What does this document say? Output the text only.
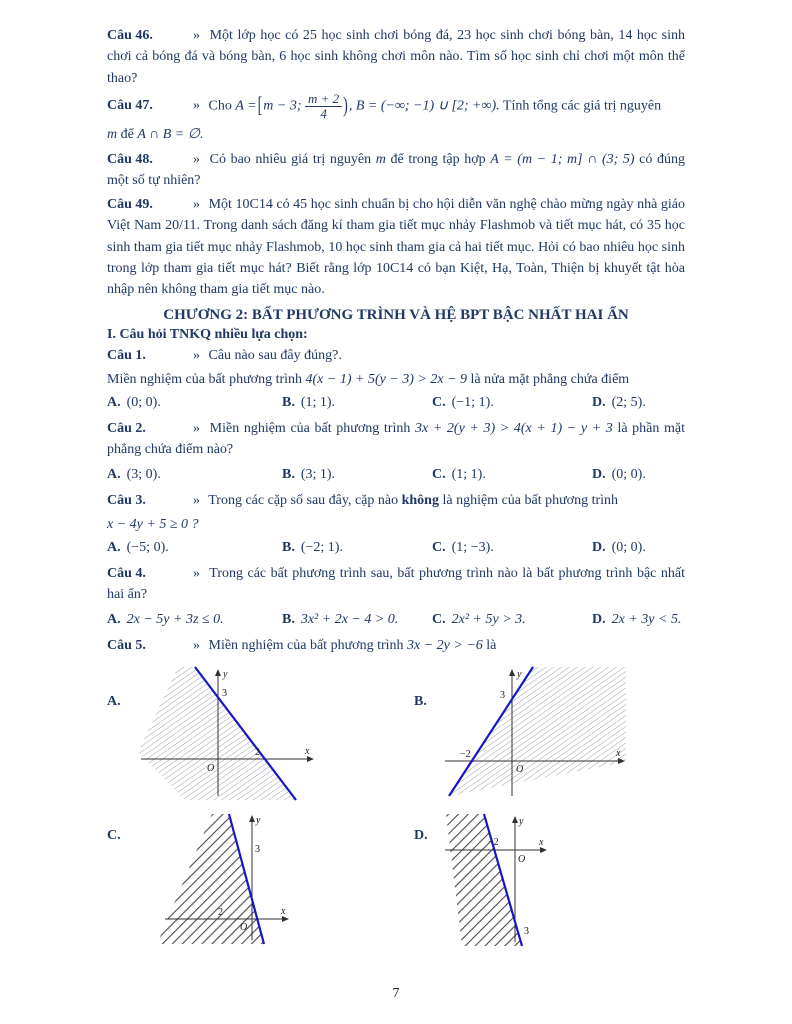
Câu 46.	» Một lớp học có 25 học sinh chơi bóng đá, 23 học sinh chơi bóng bàn, 14 học sinh chơi cả bóng đá và bóng bàn, 6 học sinh không chơi môn nào. Tìm số học sinh chỉ chơi một môn thể thao?

Câu 47.	» Cho A =[m − 3; $\frac{m + 2}{4}$ ), B = (−∞; −1) ∪ [2; +∞). Tính tổng các giá trị nguyên

m để A ∩ B = ∅.

Câu 48.	» Có bao nhiêu giá trị nguyên m để trong tập hợp A = (m − 1; m] ∩ (3; 5) có đúng một số tự nhiên?

Câu 49.	» Một 10C14 có 45 học sinh chuẩn bị cho hội diễn văn nghệ chào mừng ngày nhà giáo Việt Nam 20/11. Trong danh sách đăng kí tham gia tiết mục nhảy Flashmob và tiết mục hát, có 35 học sinh tham gia tiết mục nhảy Flashmob, 10 học sinh tham gia cả hai tiết mục. Hỏi có bao nhiêu học sinh trong lớp tham gia tiết mục hát? Biết rằng lớp 10C14 có bạn Kiệt, Hạ, Toàn, Thiện bị khuyết tật hòa nhập nên không tham gia tiết mục nào.

CHƯƠNG 2: BẤT PHƯƠNG TRÌNH VÀ HỆ BPT BẬC NHẤT HAI ẨN
I. Câu hỏi TNKQ nhiều lựa chọn:

Câu 1.	» Câu nào sau đây đúng?.

Miền nghiệm của bất phương trình 4(x − 1) + 5(y − 3) > 2x − 9 là nửa mặt phẳng chứa điểm
A. (0; 0).	B. (1; 1).	C. (−1; 1).	D. (2; 5).

Câu 2.	» Miền nghiệm của bất phương trình 3x + 2(y + 3) > 4(x + 1) − y + 3 là phần mặt phẳng chứa điểm nào?

A. (3; 0).	B. (3; 1).	C. (1; 1).	D. (0; 0).

Câu 3.	» Trong các cặp số sau đây, cặp nào không là nghiệm của bất phương trình

x − 4y + 5 ≥ 0 ?
A. (−5; 0).	B. (−2; 1).	C. (1; −3).	D. (0; 0).

Câu 4.	» Trong các bất phương trình sau, bất phương trình nào là bất phương trình bậc nhất hai ẩn?

A. 2x − 5y + 3z ≤ 0.	B. 3x² + 2x − 4 > 0.	C. 2x² + 5y > 3.	D. 2x + 3y < 5.

Câu 5.	» Miền nghiệm của bất phương trình 3x − 2y > −6 là

A.
y
x
O
3
2
B.
y
x
O
3
−2
C.
y
x
O
3
2
D.
y
x
O
−2
3
7
